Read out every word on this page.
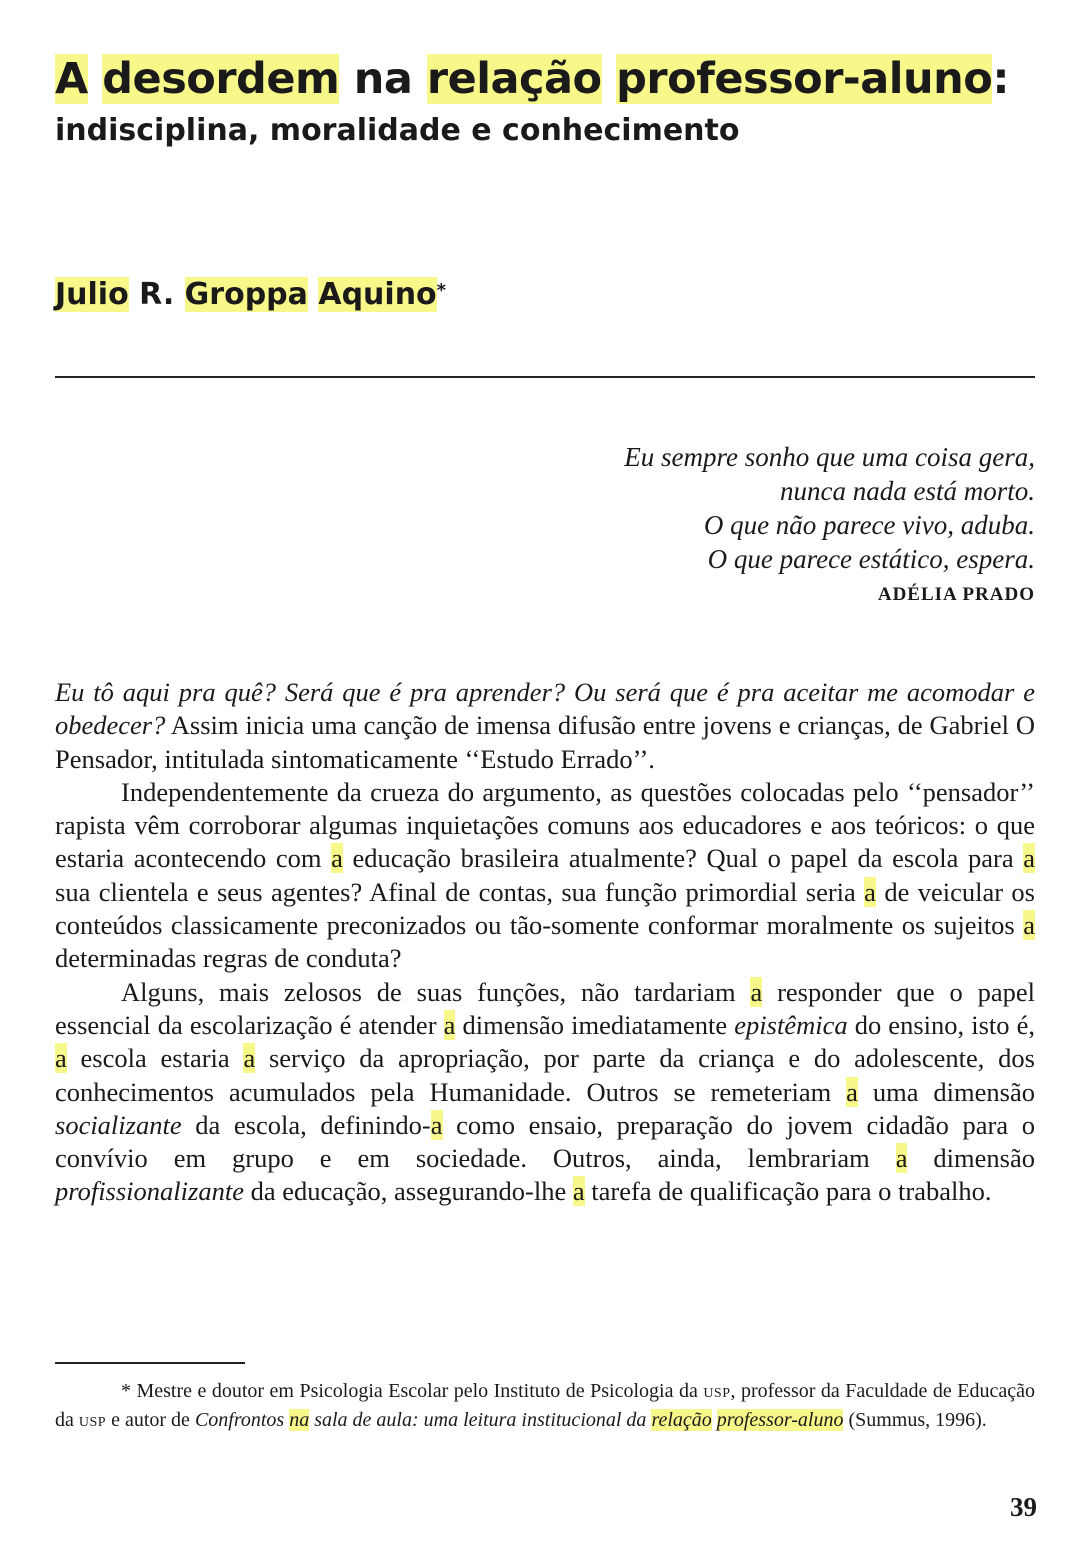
A desordem na relação professor-aluno:
indisciplina, moralidade e conhecimento
Julio R. Groppa Aquino*
Eu sempre sonho que uma coisa gera,
nunca nada está morto.
O que não parece vivo, aduba.
O que parece estático, espera.
ADÉLIA PRADO

Eu tô aqui pra quê? Será que é pra aprender? Ou será que é pra aceitar me acomodar e obedecer? Assim inicia uma canção de imensa difusão entre jovens e crianças, de Gabriel O Pensador, intitulada sintomaticamente ‘‘Estudo Errado’’.

Independentemente da crueza do argumento, as questões colocadas pelo ‘‘pensador’’ rapista vêm corroborar algumas inquietações comuns aos educadores e aos teóricos: o que estaria acontecendo com a educação brasileira atualmente? Qual o papel da escola para a sua clientela e seus agentes? Afinal de contas, sua função primordial seria a de veicular os conteúdos classicamente preconizados ou tão-somente conformar moralmente os sujeitos a determinadas regras de conduta?

Alguns, mais zelosos de suas funções, não tardariam a responder que o papel essencial da escolarização é atender a dimensão imediatamente epistêmica do ensino, isto é, a escola estaria a serviço da apropriação, por parte da criança e do adolescente, dos conhecimentos acumulados pela Humanidade. Outros se remeteriam a uma dimensão socializante da escola, definindo-a como ensaio, preparação do jovem cidadão para o convívio em grupo e em sociedade. Outros, ainda, lembrariam a dimensão profissionalizante da educação, assegurando-lhe a tarefa de qualificação para o trabalho.

* Mestre e doutor em Psicologia Escolar pelo Instituto de Psicologia da USP, professor da Faculdade de Educação da USP e autor de Confrontos na sala de aula: uma leitura institucional da relação professor-aluno (Summus, 1996).
39
